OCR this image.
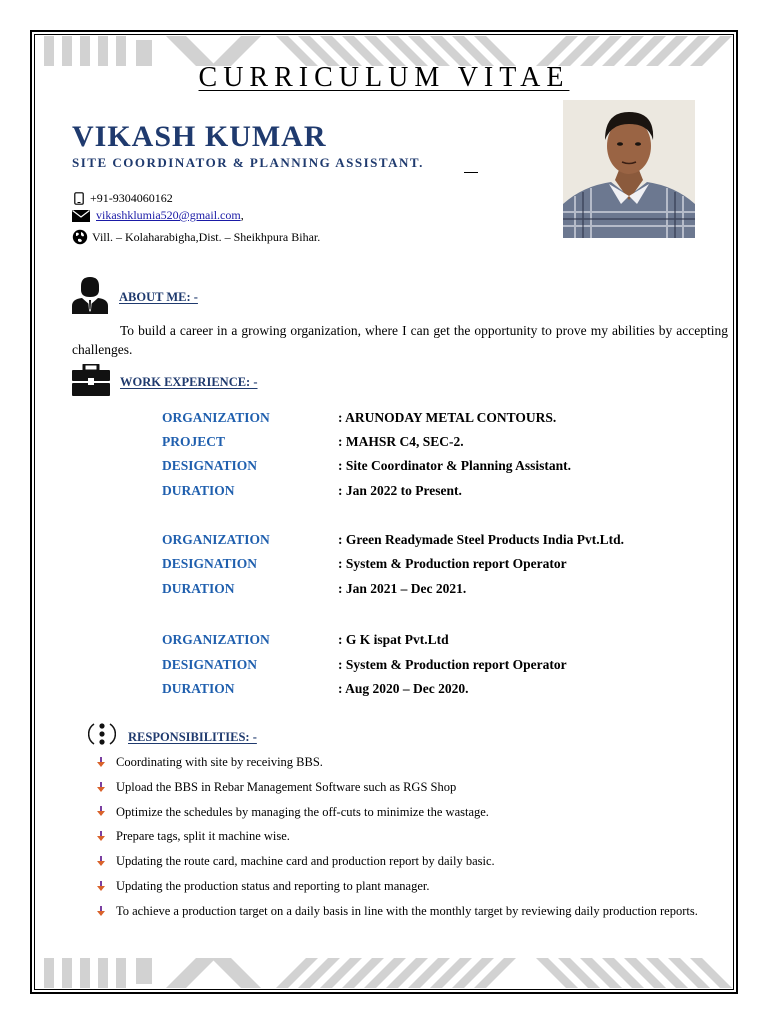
CURRICULUM VITAE
VIKASH KUMAR
SITE COORDINATOR & PLANNING ASSISTANT.
+91-9304060162
vikashklumia520@gmail.com ,
Vill. – Kolaharabigha,Dist. – Sheikhpura Bihar.
ABOUT ME: -
To build a career in a growing organization, where I can get the opportunity to prove my abilities by accepting challenges.
WORK EXPERIENCE: -
ORGANIZATION	: ARUNODAY METAL CONTOURS.
PROJECT	: MAHSR C4, SEC-2.
DESIGNATION	: Site Coordinator & Planning Assistant.
DURATION	: Jan 2022 to Present.
ORGANIZATION	: Green Readymade Steel Products India Pvt.Ltd.
DESIGNATION	: System & Production report Operator
DURATION	: Jan 2021 – Dec 2021.
ORGANIZATION	: G K ispat Pvt.Ltd
DESIGNATION	: System & Production report Operator
DURATION	: Aug 2020 – Dec 2020.
RESPONSIBILITIES: -
Coordinating with site by receiving BBS.
Upload the BBS in Rebar Management Software such as RGS Shop
Optimize the schedules by managing the off-cuts to minimize the wastage.
Prepare tags, split it machine wise.
Updating the route card, machine card and production report by daily basic.
Updating the production status and reporting to plant manager.
To achieve a production target on a daily basis in line with the monthly target by reviewing daily production reports.
